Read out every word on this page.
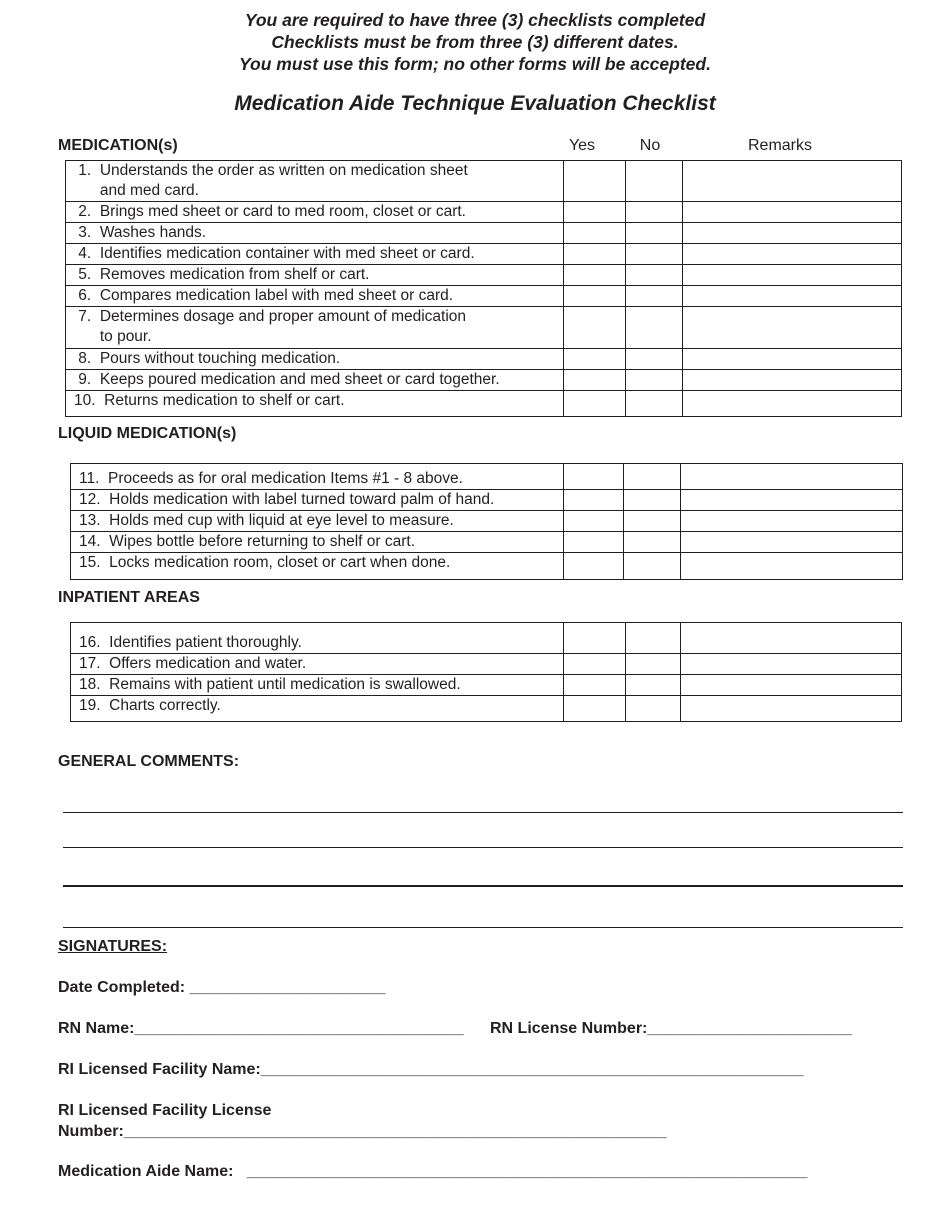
You are required to have three (3) checklists completed
Checklists must be from three (3) different dates.
You must use this form; no other forms will be accepted.
Medication Aide Technique Evaluation Checklist
MEDICATION(s)	Yes	No	Remarks
1.  Understands the order as written on medication sheet
and med card.			

2.  Brings med sheet or card to med room, closet or cart.			

3.  Washes hands.			

4.  Identifies medication container with med sheet or card.			

5.  Removes medication from shelf or cart.			

6.  Compares medication label with med sheet or card.			

7.  Determines dosage and proper amount of medication
to pour.			

8.  Pours without touching medication.			

9.  Keeps poured medication and med sheet or card together.			

10.  Returns medication to shelf or cart.			

LIQUID MEDICATION(s)
11.  Proceeds as for oral medication Items #1 - 8 above.			

12.  Holds medication with label turned toward palm of hand.			

13.  Holds med cup with liquid at eye level to measure.			

14.  Wipes bottle before returning to shelf or cart.			

15.  Locks medication room, closet or cart when done.			

INPATIENT AREAS
16.  Identifies patient thoroughly.			

17.  Offers medication and water.			

18.  Remains with patient until medication is swallowed.			

19.  Charts correctly.			

GENERAL COMMENTS:
SIGNATURES:
Date Completed: ______________________
RN Name:_____________________________________ RN License Number:_______________________
RI Licensed Facility Name:_____________________________________________________________
RI Licensed Facility License
Number:_____________________________________________________________
Medication Aide Name:   _______________________________________________________________
